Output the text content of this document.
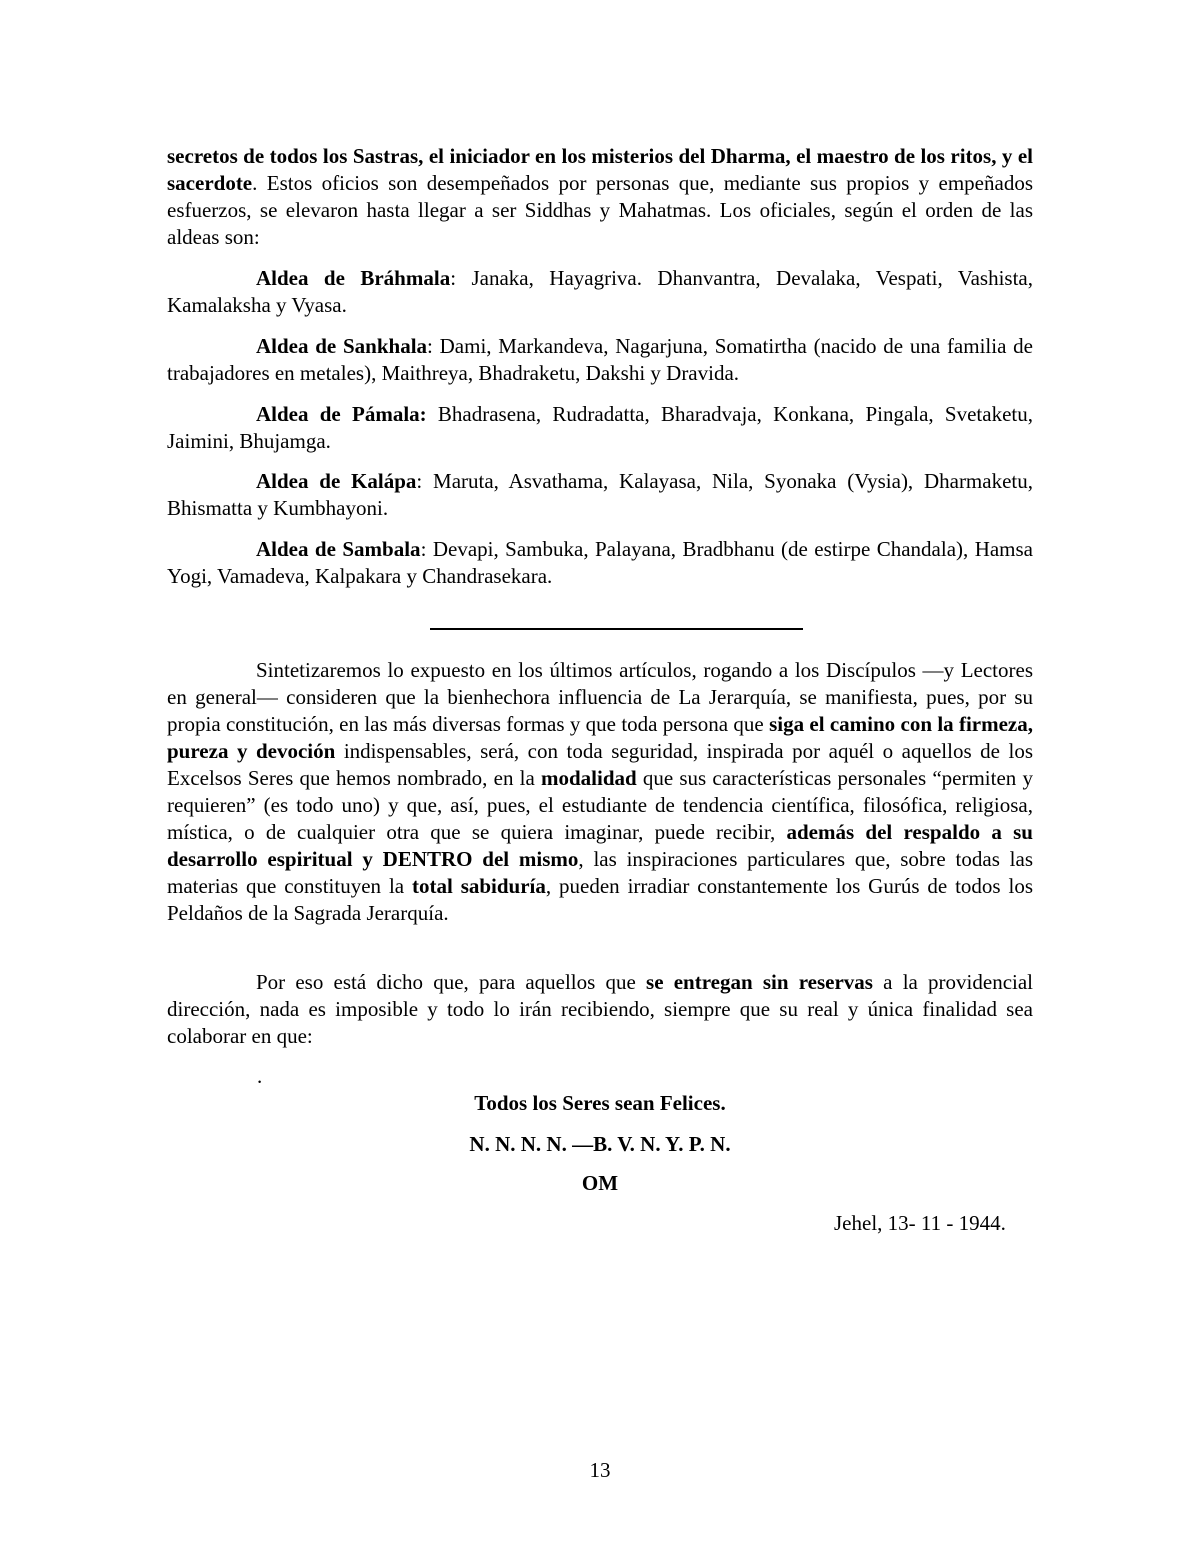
secretos de todos los Sastras, el iniciador en los misterios del Dharma, el maestro de los ritos, y el sacerdote. Estos oficios son desempeñados por personas que, mediante sus propios y empeñados esfuerzos, se elevaron hasta llegar a ser Siddhas y Mahatmas. Los oficiales, según el orden de las aldeas son:

Aldea de Bráhmala: Janaka, Hayagriva. Dhanvantra, Devalaka, Vespati, Vashista, Kamalaksha y Vyasa.

Aldea de Sankhala: Dami, Markandeva, Nagarjuna, Somatirtha (nacido de una familia de trabajadores en metales), Maithreya, Bhadraketu, Dakshi y Dravida.

Aldea de Pámala: Bhadrasena, Rudradatta, Bharadvaja, Konkana, Pingala, Svetaketu, Jaimini, Bhujamga.

Aldea de Kalápa: Maruta, Asvathama, Kalayasa, Nila, Syonaka (Vysia), Dharmaketu, Bhismatta y Kumbhayoni.

Aldea de Sambala: Devapi, Sambuka, Palayana, Bradbhanu (de estirpe Chandala), Hamsa Yogi, Vamadeva, Kalpakara y Chandrasekara.

Sintetizaremos lo expuesto en los últimos artículos, rogando a los Discípulos —y Lectores en general— consideren que la bienhechora influencia de La Jerarquía, se manifiesta, pues, por su propia constitución, en las más diversas formas y que toda persona que siga el camino con la firmeza, pureza y devoción indispensables, será, con toda seguridad, inspirada por aquél o aquellos de los Excelsos Seres que hemos nombrado, en la modalidad que sus características personales “permiten y requieren” (es todo uno) y que, así, pues, el estudiante de tendencia científica, filosófica, religiosa, mística, o de cualquier otra que se quiera imaginar, puede recibir, además del respaldo a su desarrollo espiritual y DENTRO del mismo, las inspiraciones particulares que, sobre todas las materias que constituyen la total sabiduría, pueden irradiar constantemente los Gurús de todos los Peldaños de la Sagrada Jerarquía.

Por eso está dicho que, para aquellos que se entregan sin reservas a la providencial dirección, nada es imposible y todo lo irán recibiendo, siempre que su real y única finalidad sea colaborar en que:

.
Todos los Seres sean Felices.
N. N. N. N. —B. V. N. Y. P. N.
OM
Jehel, 13- 11 - 1944.
13
